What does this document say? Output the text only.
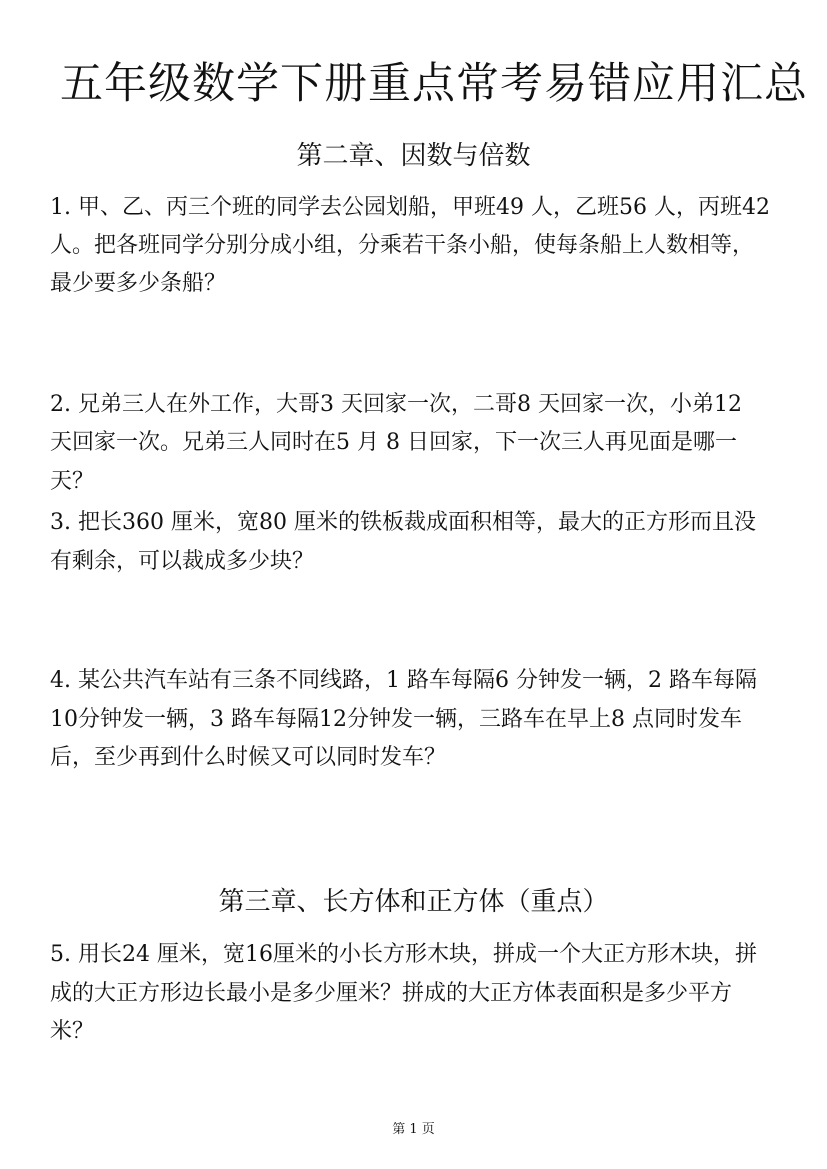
五年级数学下册重点常考易错应用汇总
第二章、因数与倍数
1. 甲、乙、丙三个班的同学去公园划船，甲班49 人，乙班56 人，丙班42
人。把各班同学分别分成小组，分乘若干条小船，使每条船上人数相等，
最少要多少条船？
2. 兄弟三人在外工作，大哥3 天回家一次，二哥8 天回家一次，小弟12
天回家一次。兄弟三人同时在5 月 8 日回家，下一次三人再见面是哪一
天？
3. 把长360 厘米，宽80 厘米的铁板裁成面积相等，最大的正方形而且没
有剩余，可以裁成多少块？
4. 某公共汽车站有三条不同线路，1 路车每隔6 分钟发一辆，2 路车每隔
10分钟发一辆，3 路车每隔12分钟发一辆，三路车在早上8 点同时发车
后，至少再到什么时候又可以同时发车？
第三章、长方体和正方体（重点）
5. 用长24 厘米，宽16厘米的小长方形木块，拼成一个大正方形木块，拼
成的大正方形边长最小是多少厘米？拼成的大正方体表面积是多少平方
米？
第 1 页
